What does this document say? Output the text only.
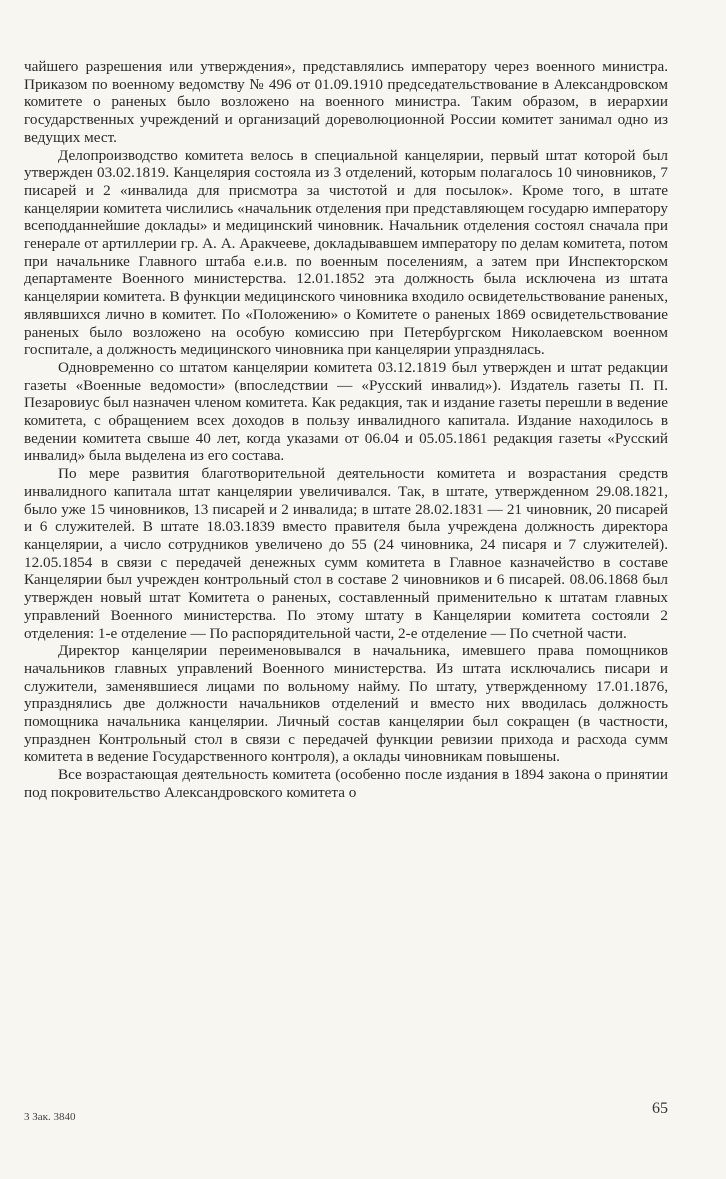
чайшего разрешения или утверждения», представлялись императору через военного министра. Приказом по военному ведомству № 496 от 01.09.1910 председательствование в Александровском комитете о раненых было возложено на военного министра. Таким образом, в иерархии государственных учреждений и организаций дореволюционной России комитет занимал одно из ведущих мест.

Делопроизводство комитета велось в специальной канцелярии, первый штат которой был утвержден 03.02.1819. Канцелярия состояла из 3 отделений, которым полагалось 10 чиновников, 7 писарей и 2 «инвалида для присмотра за чистотой и для посылок». Кроме того, в штате канцелярии комитета числились «начальник отделения при представляющем государю императору всеподданнейшие доклады» и медицинский чиновник. Начальник отделения состоял сначала при генерале от артиллерии гр. А. А. Аракчееве, докладывавшем императору по делам комитета, потом при начальнике Главного штаба е.и.в. по военным поселениям, а затем при Инспекторском департаменте Военного министерства. 12.01.1852 эта должность была исключена из штата канцелярии комитета. В функции медицинского чиновника входило освидетельствование раненых, являвшихся лично в комитет. По «Положению» о Комитете о раненых 1869 освидетельствование раненых было возложено на особую комиссию при Петербургском Николаевском военном госпитале, а должность медицинского чиновника при канцелярии упразднялась.

Одновременно со штатом канцелярии комитета 03.12.1819 был утвержден и штат редакции газеты «Военные ведомости» (впоследствии — «Русский инвалид»). Издатель газеты П. П. Пезаровиус был назначен членом комитета. Как редакция, так и издание газеты перешли в ведение комитета, с обращением всех доходов в пользу инвалидного капитала. Издание находилось в ведении комитета свыше 40 лет, когда указами от 06.04 и 05.05.1861 редакция газеты «Русский инвалид» была выделена из его состава.

По мере развития благотворительной деятельности комитета и возрастания средств инвалидного капитала штат канцелярии увеличивался. Так, в штате, утвержденном 29.08.1821, было уже 15 чиновников, 13 писарей и 2 инвалида; в штате 28.02.1831 — 21 чиновник, 20 писарей и 6 служителей. В штате 18.03.1839 вместо правителя была учреждена должность директора канцелярии, а число сотрудников увеличено до 55 (24 чиновника, 24 писаря и 7 служителей). 12.05.1854 в связи с передачей денежных сумм комитета в Главное казначейство в составе Канцелярии был учрежден контрольный стол в составе 2 чиновников и 6 писарей. 08.06.1868 был утвержден новый штат Комитета о раненых, составленный применительно к штатам главных управлений Военного министерства. По этому штату в Канцелярии комитета состояли 2 отделения: 1-е отделение — По распорядительной части, 2-е отделение — По счетной части.

Директор канцелярии переименовывался в начальника, имевшего права помощников начальников главных управлений Военного министерства. Из штата исключались писари и служители, заменявшиеся лицами по вольному найму. По штату, утвержденному 17.01.1876, упразднялись две должности начальников отделений и вместо них вводилась должность помощника начальника канцелярии. Личный состав канцелярии был сокращен (в частности, упразднен Контрольный стол в связи с передачей функции ревизии прихода и расхода сумм комитета в ведение Государственного контроля), а оклады чиновникам повышены.

Все возрастающая деятельность комитета (особенно после издания в 1894 закона о принятии под покровительство Александровского комитета о

3 Зак. 3840	65
